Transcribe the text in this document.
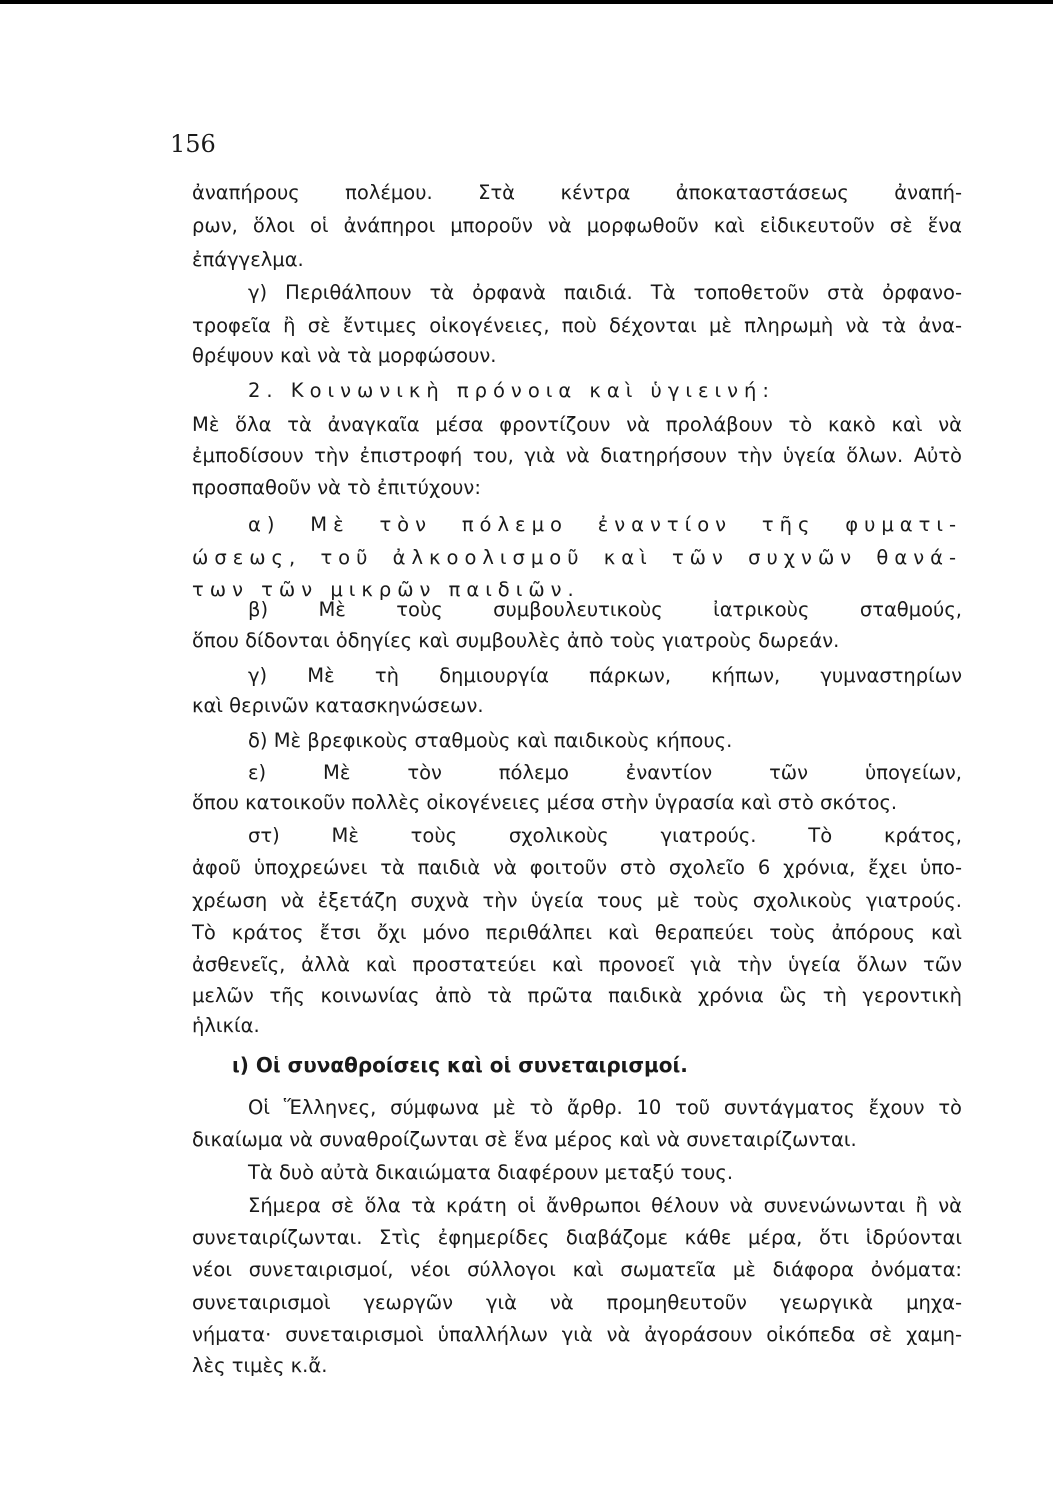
156
ἀναπήρους πολέμου. Στὰ κέντρα ἀποκαταστάσεως ἀναπή-
ρων, ὅλοι οἱ ἀνάπηροι μποροῦν νὰ μορφωθοῦν καὶ εἰδικευτοῦν σὲ ἕνα
ἐπάγγελμα.
γ) Περιθάλπουν τὰ ὀρφανὰ παιδιά. Τὰ τοποθετοῦν στὰ ὀρφανο-
τροφεῖα ἢ σὲ ἔντιμες οἰκογένειες, ποὺ δέχονται μὲ πληρωμὴ νὰ τὰ ἀνα-
θρέψουν καὶ νὰ τὰ μορφώσουν.
2. Κοινωνικὴ πρόνοια καὶ ὑγιεινή:
Μὲ ὅλα τὰ ἀναγκαῖα μέσα φροντίζουν νὰ προλάβουν τὸ κακὸ καὶ νὰ
ἐμποδίσουν τὴν ἐπιστροφή του, γιὰ νὰ διατηρήσουν τὴν ὑγεία ὅλων. Αὐτὸ
προσπαθοῦν νὰ τὸ ἐπιτύχουν:
α) Μὲ τὸν πόλεμο ἐναντίον τῆς φυματι-
ώσεως, τοῦ ἀλκοολισμοῦ καὶ τῶν συχνῶν θανά-
των τῶν μικρῶν παιδιῶν.
β) Μὲ τοὺς συμβουλευτικοὺς ἰατρικοὺς σταθμούς,
ὅπου δίδονται ὁδηγίες καὶ συμβουλὲς ἀπὸ τοὺς γιατροὺς δωρεάν.
γ) Μὲ τὴ δημιουργία πάρκων, κήπων, γυμναστηρίων
καὶ θερινῶν κατασκηνώσεων.
δ) Μὲ βρεφικοὺς σταθμοὺς καὶ παιδικοὺς κήπους.
ε) Μὲ τὸν πόλεμο ἐναντίον τῶν ὑπογείων,
ὅπου κατοικοῦν πολλὲς οἰκογένειες μέσα στὴν ὑγρασία καὶ στὸ σκότος.
στ) Μὲ τοὺς σχολικοὺς γιατρούς. Τὸ κράτος,
ἀφοῦ ὑποχρεώνει τὰ παιδιὰ νὰ φοιτοῦν στὸ σχολεῖο 6 χρόνια, ἔχει ὑπο-
χρέωση νὰ ἐξετάζη συχνὰ τὴν ὑγεία τους μὲ τοὺς σχολικοὺς γιατρούς.
Τὸ κράτος ἔτσι ὄχι μόνο περιθάλπει καὶ θεραπεύει τοὺς ἀπόρους καὶ
ἀσθενεῖς, ἀλλὰ καὶ προστατεύει καὶ προνοεῖ γιὰ τὴν ὑγεία ὅλων τῶν
μελῶν τῆς κοινωνίας ἀπὸ τὰ πρῶτα παιδικὰ χρόνια ὣς τὴ γεροντικὴ
ἡλικία.
ι) Οἱ συναθροίσεις καὶ οἱ συνεταιρισμοί.
Οἱ Ἕλληνες, σύμφωνα μὲ τὸ ἄρθρ. 10 τοῦ συντάγματος ἔχουν τὸ
δικαίωμα νὰ συναθροίζωνται σὲ ἕνα μέρος καὶ νὰ συνεταιρίζωνται.
Τὰ δυὸ αὐτὰ δικαιώματα διαφέρουν μεταξύ τους.
Σήμερα σὲ ὅλα τὰ κράτη οἱ ἄνθρωποι θέλουν νὰ συνενώνωνται ἢ νὰ
συνεταιρίζωνται. Στὶς ἐφημερίδες διαβάζομε κάθε μέρα, ὅτι ἱδρύονται
νέοι συνεταιρισμοί, νέοι σύλλογοι καὶ σωματεῖα μὲ διάφορα ὀνόματα:
συνεταιρισμοὶ γεωργῶν γιὰ νὰ προμηθευτοῦν γεωργικὰ μηχα-
νήματα· συνεταιρισμοὶ ὑπαλλήλων γιὰ νὰ ἀγοράσουν οἰκόπεδα σὲ χαμη-
λὲς τιμὲς κ.ἄ.
